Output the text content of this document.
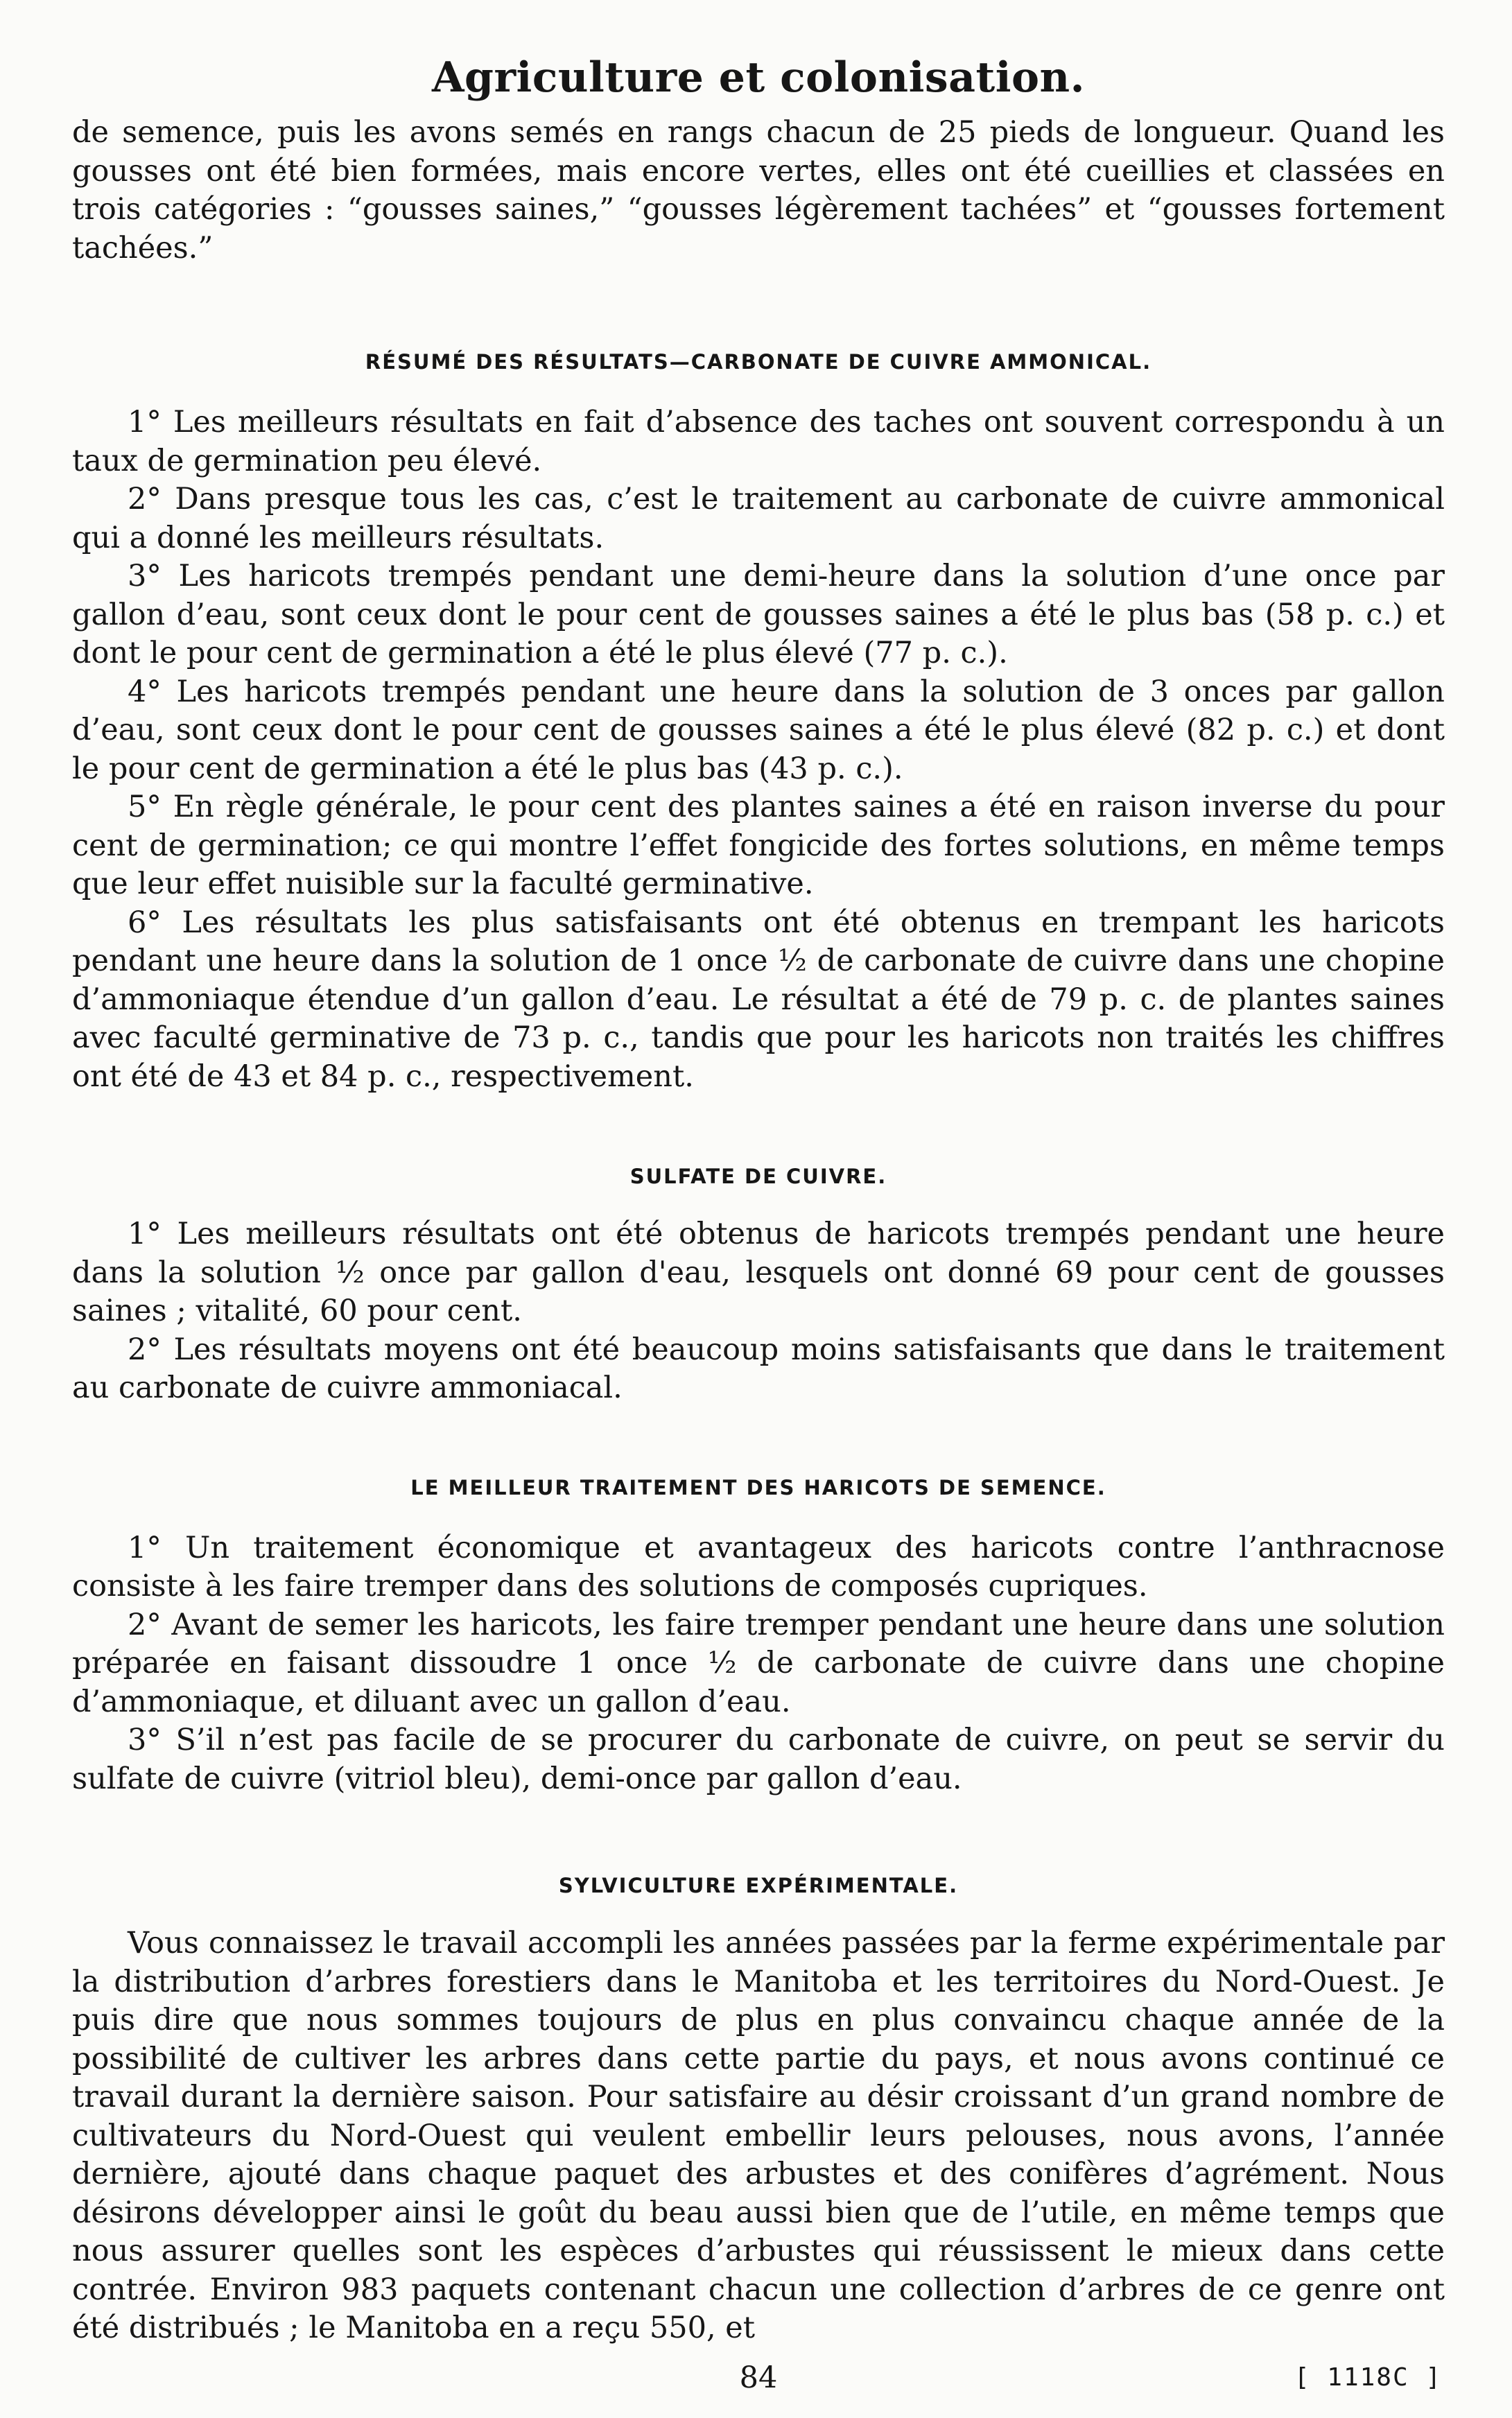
Agriculture et colonisation.

de semence, puis les avons semés en rangs chacun de 25 pieds de longueur. Quand les gousses ont été bien formées, mais encore vertes, elles ont été cueillies et classées en trois catégories : “gousses saines,” “gousses légèrement tachées” et “gousses fortement tachées.”

RÉSUMÉ DES RÉSULTATS—CARBONATE DE CUIVRE AMMONICAL.

1° Les meilleurs résultats en fait d’absence des taches ont souvent correspondu à un taux de germination peu élevé.

2° Dans presque tous les cas, c’est le traitement au carbonate de cuivre ammonical qui a donné les meilleurs résultats.

3° Les haricots trempés pendant une demi-heure dans la solution d’une once par gallon d’eau, sont ceux dont le pour cent de gousses saines a été le plus bas (58 p. c.) et dont le pour cent de germination a été le plus élevé (77 p. c.).

4° Les haricots trempés pendant une heure dans la solution de 3 onces par gallon d’eau, sont ceux dont le pour cent de gousses saines a été le plus élevé (82 p. c.) et dont le pour cent de germination a été le plus bas (43 p. c.).

5° En règle générale, le pour cent des plantes saines a été en raison inverse du pour cent de germination; ce qui montre l’effet fongicide des fortes solutions, en même temps que leur effet nuisible sur la faculté germinative.

6° Les résultats les plus satisfaisants ont été obtenus en trempant les haricots pendant une heure dans la solution de 1 once ½ de carbonate de cuivre dans une chopine d’ammoniaque étendue d’un gallon d’eau. Le résultat a été de 79 p. c. de plantes saines avec faculté germinative de 73 p. c., tandis que pour les haricots non traités les chiffres ont été de 43 et 84 p. c., respectivement.

SULFATE DE CUIVRE.

1° Les meilleurs résultats ont été obtenus de haricots trempés pendant une heure dans la solution ½ once par gallon d'eau, lesquels ont donné 69 pour cent de gousses saines ; vitalité, 60 pour cent.

2° Les résultats moyens ont été beaucoup moins satisfaisants que dans le traitement au carbonate de cuivre ammoniacal.

LE MEILLEUR TRAITEMENT DES HARICOTS DE SEMENCE.

1° Un traitement économique et avantageux des haricots contre l’anthracnose consiste à les faire tremper dans des solutions de composés cupriques.

2° Avant de semer les haricots, les faire tremper pendant une heure dans une solution préparée en faisant dissoudre 1 once ½ de carbonate de cuivre dans une chopine d’ammoniaque, et diluant avec un gallon d’eau.

3° S’il n’est pas facile de se procurer du carbonate de cuivre, on peut se servir du sulfate de cuivre (vitriol bleu), demi-once par gallon d’eau.

SYLVICULTURE EXPÉRIMENTALE.

Vous connaissez le travail accompli les années passées par la ferme expérimentale par la distribution d’arbres forestiers dans le Manitoba et les territoires du Nord-Ouest. Je puis dire que nous sommes toujours de plus en plus convaincu chaque année de la possibilité de cultiver les arbres dans cette partie du pays, et nous avons continué ce travail durant la dernière saison. Pour satisfaire au désir croissant d’un grand nombre de cultivateurs du Nord-Ouest qui veulent embellir leurs pelouses, nous avons, l’année dernière, ajouté dans chaque paquet des arbustes et des conifères d’agrément. Nous désirons développer ainsi le goût du beau aussi bien que de l’utile, en même temps que nous assurer quelles sont les espèces d’arbustes qui réussissent le mieux dans cette contrée. Environ 983 paquets contenant chacun une collection d’arbres de ce genre ont été distribués ; le Manitoba en a reçu 550, et

84	[ 1118C ]
